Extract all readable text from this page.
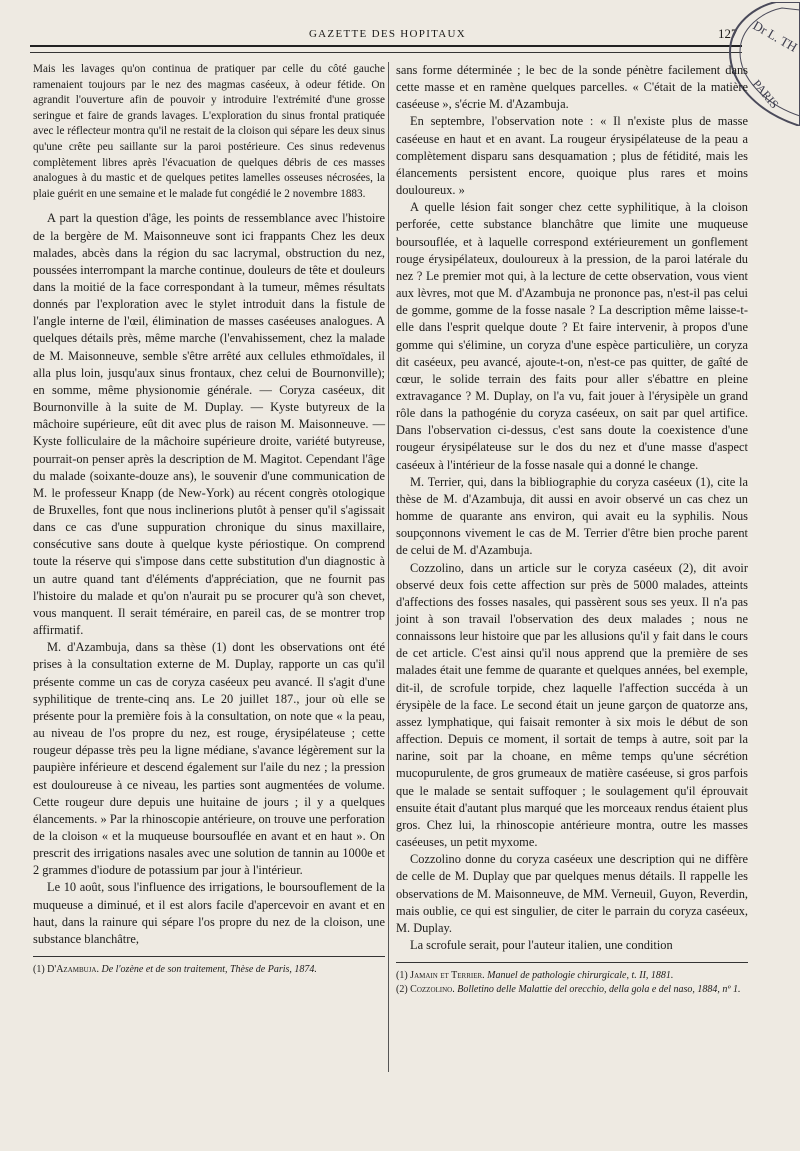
GAZETTE DES HOPITAUX	127 Dr L. TH
PARIS

Mais les lavages qu'on continua de pratiquer par celle du côté gauche ramenaient toujours par le nez des magmas caséeux, à odeur fétide. On agrandit l'ouverture afin de pouvoir y introduire l'extrémité d'une grosse seringue et faire de grands lavages. L'exploration du sinus frontal pratiquée avec le réflecteur montra qu'il ne restait de la cloison qui sépare les deux sinus qu'une crête peu saillante sur la paroi postérieure. Ces sinus redevenus complètement libres après l'évacuation de quelques débris de ces masses analogues à du mastic et de quelques petites lamelles osseuses nécrosées, la plaie guérit en une semaine et le malade fut congédié le 2 novembre 1883.

A part la question d'âge, les points de ressemblance avec l'histoire de la bergère de M. Maisonneuve sont ici frappants Chez les deux malades, abcès dans la région du sac lacrymal, obstruction du nez, poussées interrompant la marche continue, douleurs de tête et douleurs dans la moitié de la face correspondant à la tumeur, mêmes résultats donnés par l'exploration avec le stylet introduit dans la fistule de l'angle interne de l'œil, élimination de masses caséeuses analogues. A quelques détails près, même marche (l'envahissement, chez la malade de M. Maisonneuve, semble s'être arrêté aux cellules ethmoïdales, il alla plus loin, jusqu'aux sinus frontaux, chez celui de Bournonville); en somme, même physionomie générale. — Coryza caséeux, dit Bournonville à la suite de M. Duplay. — Kyste butyreux de la mâchoire supérieure, eût dit avec plus de raison M. Maisonneuve. — Kyste folliculaire de la mâchoire supérieure droite, variété butyreuse, pourrait-on penser après la description de M. Magitot. Cependant l'âge du malade (soixante-douze ans), le souvenir d'une communication de M. le professeur Knapp (de New-York) au récent congrès otologique de Bruxelles, font que nous inclinerions plutôt à penser qu'il s'agissait dans ce cas d'une suppuration chronique du sinus maxillaire, consécutive sans doute à quelque kyste périostique. On comprend toute la réserve qui s'impose dans cette substitution d'un diagnostic à un autre quand tant d'éléments d'appréciation, que ne fournit pas l'histoire du malade et qu'on n'aurait pu se procurer qu'à son chevet, vous manquent. Il serait téméraire, en pareil cas, de se montrer trop affirmatif.

M. d'Azambuja, dans sa thèse (1) dont les observations ont été prises à la consultation externe de M. Duplay, rapporte un cas qu'il présente comme un cas de coryza caséeux peu avancé. Il s'agit d'une syphilitique de trente-cinq ans. Le 20 juillet 187., jour où elle se présente pour la première fois à la consultation, on note que « la peau, au niveau de l'os propre du nez, est rouge, érysipélateuse ; cette rougeur dépasse très peu la ligne médiane, s'avance légèrement sur la paupière inférieure et descend également sur l'aile du nez ; la pression est douloureuse à ce niveau, les parties sont augmentées de volume. Cette rougeur dure depuis une huitaine de jours ; il y a quelques élancements. » Par la rhinoscopie antérieure, on trouve une perforation de la cloison « et la muqueuse boursouflée en avant et en haut ». On prescrit des irrigations nasales avec une solution de tannin au 1000e et 2 grammes d'iodure de potassium par jour à l'intérieur.

Le 10 août, sous l'influence des irrigations, le boursouflement de la muqueuse a diminué, et il est alors facile d'apercevoir en avant et en haut, dans la rainure qui sépare l'os propre du nez de la cloison, une substance blanchâtre,

(1) D'Azambuja. De l'ozène et de son traitement, Thèse de Paris, 1874.

sans forme déterminée ; le bec de la sonde pénètre facilement dans cette masse et en ramène quelques parcelles. « C'était de la matière caséeuse », s'écrie M. d'Azambuja.

En septembre, l'observation note : « Il n'existe plus de masse caséeuse en haut et en avant. La rougeur érysipélateuse de la peau a complètement disparu sans desquamation ; plus de fétidité, mais les élancements persistent encore, quoique plus rares et moins douloureux. »

A quelle lésion fait songer chez cette syphilitique, à la cloison perforée, cette substance blanchâtre que limite une muqueuse boursouflée, et à laquelle correspond extérieurement un gonflement rouge érysipélateux, douloureux à la pression, de la paroi latérale du nez ? Le premier mot qui, à la lecture de cette observation, vous vient aux lèvres, mot que M. d'Azambuja ne prononce pas, n'est-il pas celui de gomme, gomme de la fosse nasale ? La description même laisse-t-elle dans l'esprit quelque doute ? Et faire intervenir, à propos d'une gomme qui s'élimine, un coryza d'une espèce particulière, un coryza dit caséeux, peu avancé, ajoute-t-on, n'est-ce pas quitter, de gaîté de cœur, le solide terrain des faits pour aller s'ébattre en pleine extravagance ? M. Duplay, on l'a vu, fait jouer à l'érysipèle un grand rôle dans la pathogénie du coryza caséeux, on sait par quel artifice. Dans l'observation ci-dessus, c'est sans doute la coexistence d'une rougeur érysipélateuse sur le dos du nez et d'une masse d'aspect caséeux à l'intérieur de la fosse nasale qui a donné le change.

M. Terrier, qui, dans la bibliographie du coryza caséeux (1), cite la thèse de M. d'Azambuja, dit aussi en avoir observé un cas chez un homme de quarante ans environ, qui avait eu la syphilis. Nous soupçonnons vivement le cas de M. Terrier d'être bien proche parent de celui de M. d'Azambuja.

Cozzolino, dans un article sur le coryza caséeux (2), dit avoir observé deux fois cette affection sur près de 5000 malades, atteints d'affections des fosses nasales, qui passèrent sous ses yeux. Il n'a pas joint à son travail l'observation des deux malades ; nous ne connaissons leur histoire que par les allusions qu'il y fait dans le cours de cet article. C'est ainsi qu'il nous apprend que la première de ses malades était une femme de quarante et quelques années, bel exemple, dit-il, de scrofule torpide, chez laquelle l'affection succéda à un érysipèle de la face. Le second était un jeune garçon de quatorze ans, assez lymphatique, qui faisait remonter à six mois le début de son affection. Depuis ce moment, il sortait de temps à autre, soit par la narine, soit par la choane, en même temps qu'une sécrétion mucopurulente, de gros grumeaux de matière caséeuse, si gros parfois que le malade se sentait suffoquer ; le soulagement qu'il éprouvait ensuite était d'autant plus marqué que les morceaux rendus étaient plus gros. Chez lui, la rhinoscopie antérieure montra, outre les masses caséeuses, un petit myxome.

Cozzolino donne du coryza caséeux une description qui ne diffère de celle de M. Duplay que par quelques menus détails. Il rappelle les observations de M. Maisonneuve, de MM. Verneuil, Guyon, Reverdin, mais oublie, ce qui est singulier, de citer le parrain du coryza caséeux, M. Duplay.

La scrofule serait, pour l'auteur italien, une condition

(1) Jamain et Terrier. Manuel de pathologie chirurgicale, t. II, 1881.
(2) Cozzolino. Bolletino delle Malattie del orecchio, della gola e del naso, 1884, nº 1.
